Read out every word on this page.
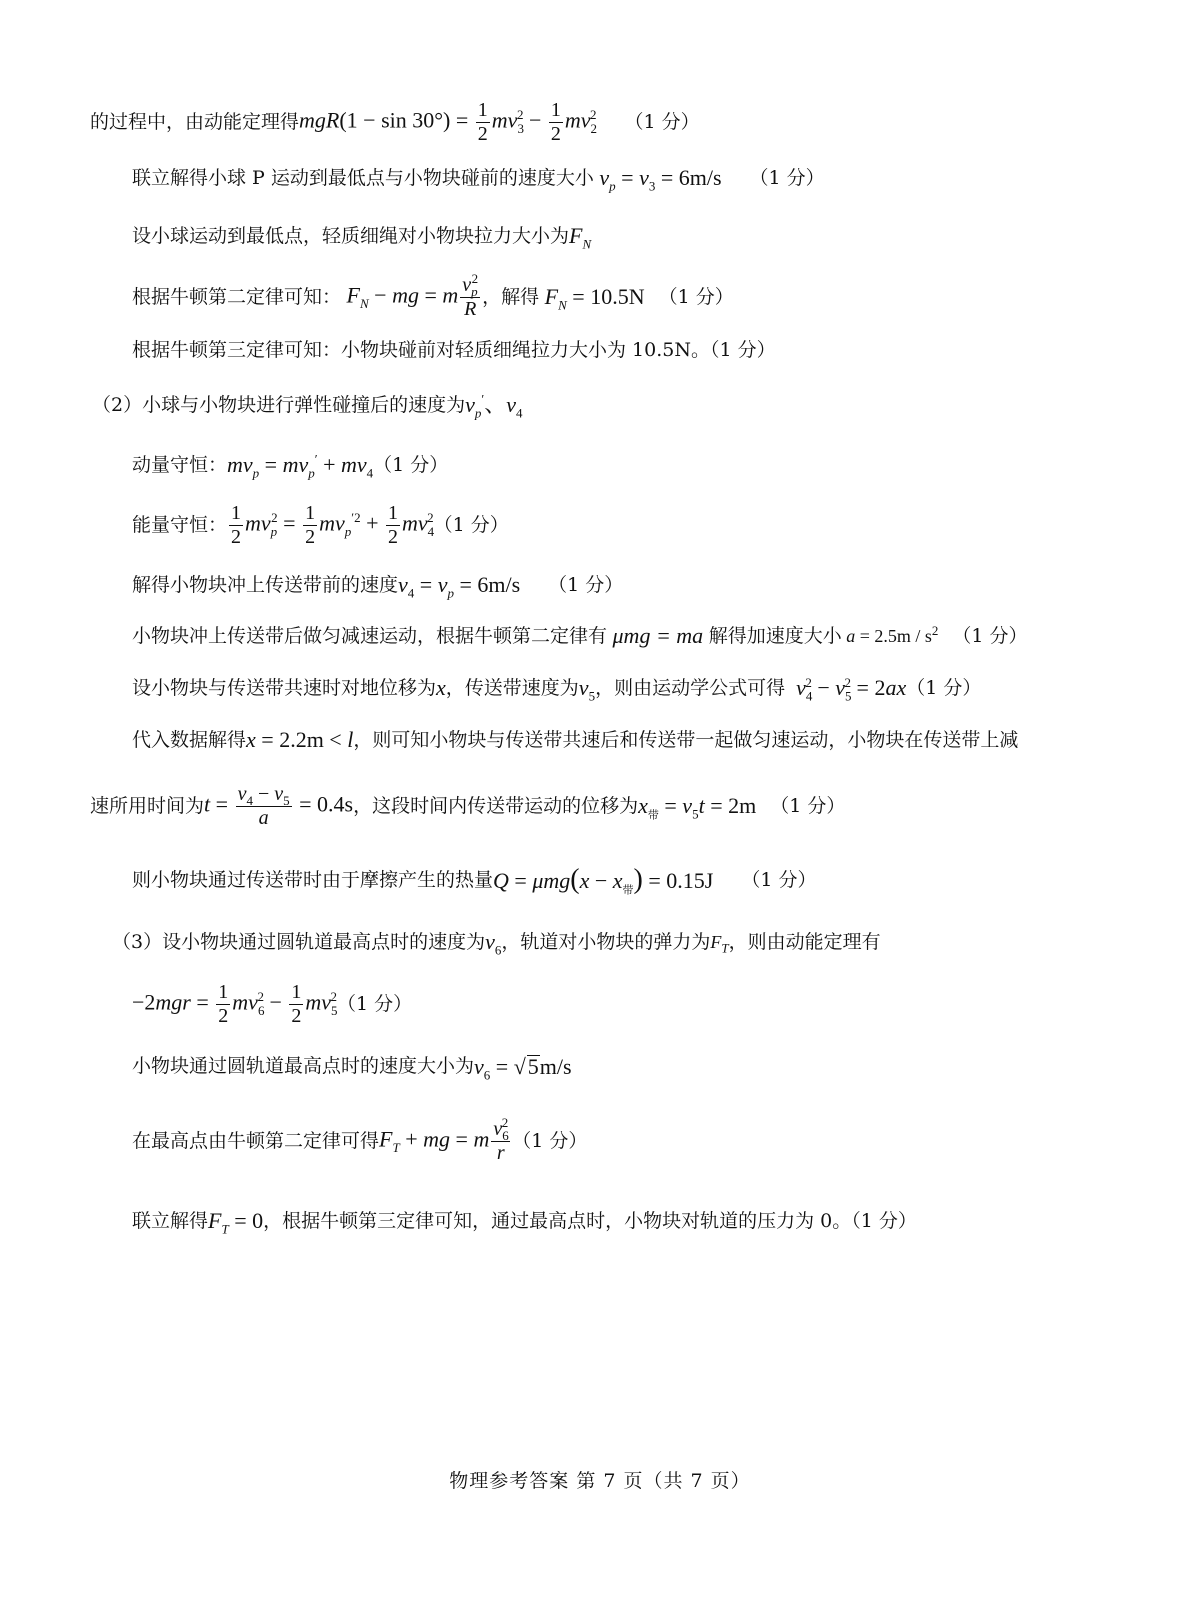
的过程中，由动能定理得 $mgR(1 - \sin 30^\circ) = \frac{1}{2} mv_3^2 - \frac{1}{2} mv_2^2$ （1 分）
联立解得小球 P 运动到最低点与小物块碰前的速度大小 $v_p = v_3 = 6m/s$ （1 分）
设小球运动到最低点，轻质细绳对小物块拉力大小为 $F_N$
根据牛顿第二定律可知： $F_N$ − mg = m $\frac{v_p^2}{R}$ ，解得 $F_N = 10.5N$ （1 分）
根据牛顿第三定律可知：小物块碰前对轻质细绳拉力大小为 10.5N。（1 分）
（2）小球与小物块进行弹性碰撞后的速度为 $v_p'$、$v_4$
动量守恒： $mv_p = mv_p' + mv_4$ （1 分）
能量守恒： $\frac{1}{2} mv_p^2 = \frac{1}{2} mv_p^{'2} + \frac{1}{2} mv_4^2$ （1 分）
解得小物块冲上传送带前的速度 $v_4 = v_p = 6m/s$ （1 分）
小物块冲上传送带后做匀减速运动，根据牛顿第二定律有 μmg = ma 解得加速度大小 $a = 2.5m / s^2$ （1 分）
设小物块与传送带共速时对地位移为 x ，传送带速度为 $v_5$ ，则由运动学公式可得 $v_4^2 - v_5^2 = 2ax$ （1 分）
代入数据解得 x = 2.2m < l ，则可知小物块与传送带共速后和传送带一起做匀速运动，小物块在传送带上减
速所用时间为 $t = \frac{v_4 - v_5}{a} = 0.4s$ ，这段时间内传送带运动的位移为 $x_带 = v_5t = 2m$ （1 分）
则小物块通过传送带时由于摩擦产生的热量 $Q = \mu mg(x - x_带) = 0.15J$ （1 分）
（3）设小物块通过圆轨道最高点时的速度为 $v_6$ ，轨道对小物块的弹力为 $F_T$ ，则由动能定理有
$-2mgr = \frac{1}{2} mv_6^2 - \frac{1}{2} mv_5^2$ （1 分）
小物块通过圆轨道最高点时的速度大小为 $v_6 = √5m/s$
在最高点由牛顿第二定律可得 $F_T$ + mg = m $\frac{v_6^2}{r} (1$ 分）
联立解得 $F_T = 0$ ，根据牛顿第三定律可知，通过最高点时，小物块对轨道的压力为 0。（1 分）
物理参考答案 第 7 页（共 7 页）
